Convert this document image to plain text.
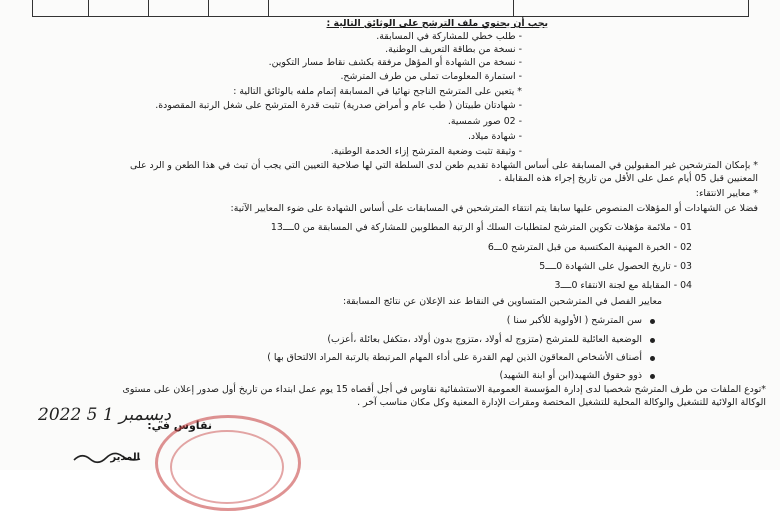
يجب أن يحتوي ملف الترشح على الوثائق التالية :
- طلب خطي للمشاركة في المسابقة.
- نسخة من بطاقة التعريف الوطنية.
- نسخة من الشهادة أو المؤهل مرفقة بكشف نقاط مسار التكوين.
- استمارة المعلومات تملى من طرف المترشح.
* يتعين على المترشح الناجح نهائيا في المسابقة إتمام ملفه بالوثائق التالية :
- شهادتان طبيتان ( طب عام و أمراض صدرية) تثبت قدرة المترشح على شغل الرتبة المقصودة.
- 02 صور شمسية.
- شهادة ميلاد.
- وثيقة تثبت وضعية المترشح إزاء الخدمة الوطنية.
* بإمكان المترشحين غير المقبولين في المسابقة على أساس الشهادة تقديم طعن لدى السلطة التي لها صلاحية التعيين التي يجب أن تبث في هذا الطعن و الرد على
المعنيين قبل 05 أيام عمل على الأقل من تاريخ إجراء هذه المقابلة .
* معايير الانتقاء:
فضلا عن الشهادات أو المؤهلات المنصوص عليها سابقا يتم انتقاء المترشحين في المسابقات على أساس الشهادة على ضوء المعايير الآتية:
01 - ملائمة مؤهلات تكوين المترشح لمتطلبات السلك أو الرتبة المطلوبين للمشاركة في المسابقة من 0ــــ13
02 - الخبرة المهنية المكتسبة من قبل المترشح 0ـــ6
03 - تاريخ الحصول على الشهادة 0ــــ5
04 - المقابلة مع لجنة الانتقاء 0ــــ3
معايير الفصل في المترشحين المتساوين في النقاط عند الإعلان عن نتائج المسابقة:
سن المترشح ( الأولوية للأكبر سنا )
الوضعية العائلية للمترشح (متزوج له أولاد ،متزوج بدون أولاد ،متكفل بعائلة ،أعزب)
أصناف الأشخاص المعاقون الذين لهم القدرة على أداء المهام المرتبطة بالرتبة المراد الالتحاق بها )
ذوو حقوق الشهيد(ابن أو ابنة الشهيد)
*تودع الملفات من طرف المترشح شخصيا لدى إدارة المؤسسة العمومية الاستشفائية نقاوس في أجل أقصاه 15 يوم عمل ابتداء من تاريخ أول صدور إعلان على مستوى
الوكالة الولائية للتشغيل والوكالة المحلية للتشغيل المختصة ومقرات الإدارة المعنية وكل مكان مناسب آخر .
نقاوس في:
2022 ديسمبر 1 5
المدير
